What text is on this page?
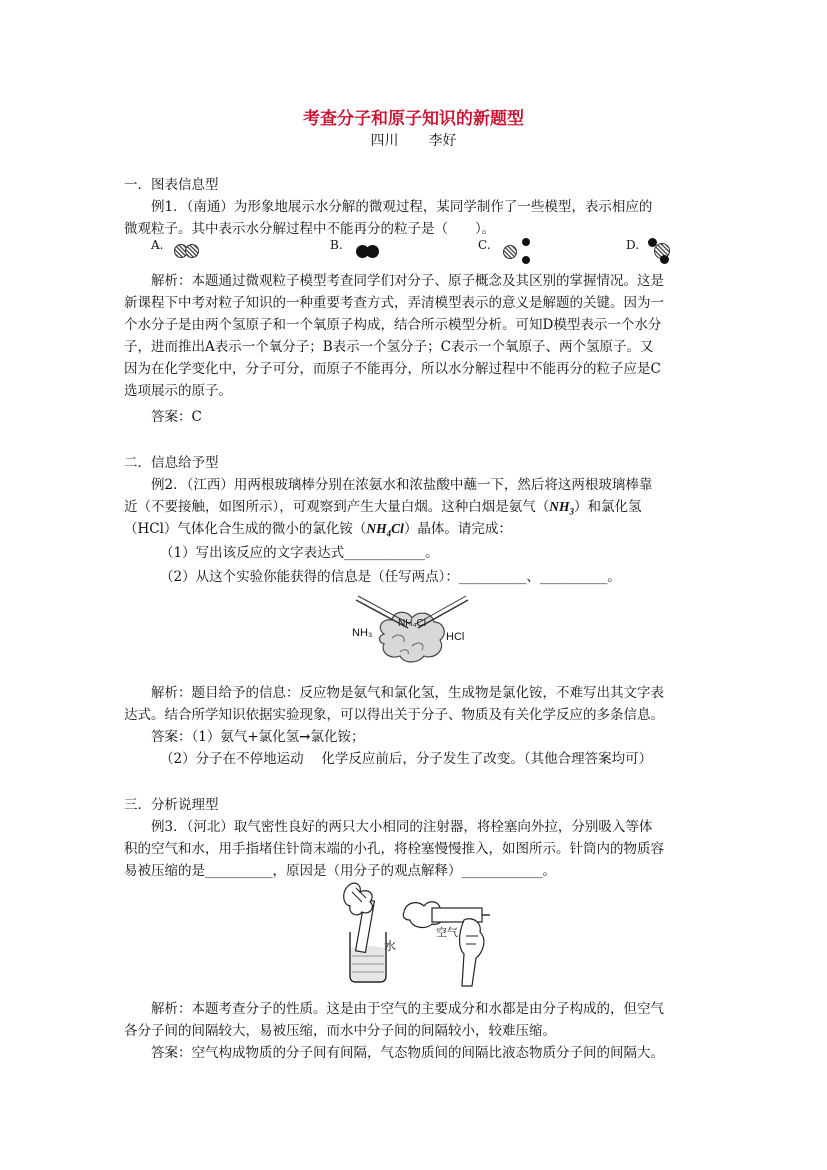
考查分子和原子知识的新题型
四川 李好
一．图表信息型
例1．（南通）为形象地展示水分解的微观过程，某同学制作了一些模型，表示相应的
微观粒子。其中表示水分解过程中不能再分的粒子是（　　）。
A.	B.	C.	D.
解析：本题通过微观粒子模型考查同学们对分子、原子概念及其区别的掌握情况。这是
新课程下中考对粒子知识的一种重要考查方式，弄清模型表示的意义是解题的关键。因为一
个水分子是由两个氢原子和一个氧原子构成，结合所示模型分析。可知D模型表示一个水分
子，进而推出A表示一个氧分子；B表示一个氢分子；C表示一个氧原子、两个氢原子。又
因为在化学变化中，分子可分，而原子不能再分，所以水分解过程中不能再分的粒子应是C
选项展示的原子。
答案：C
二．信息给予型
例2．（江西）用两根玻璃棒分别在浓氨水和浓盐酸中蘸一下，然后将这两根玻璃棒靠
近（不要接触，如图所示），可观察到产生大量白烟。这种白烟是氨气$(NH_3)$和氯化氢
（HCl）气体化合生成的微小的氯化铵$(NH_4Cl)$晶体。请完成：
（1）写出该反应的文字表达式____________。
（2）从这个实验你能获得的信息是（任写两点）：__________、__________。
NH₃
NH₄Cl
HCl
解析：题目给予的信息：反应物是氨气和氯化氢，生成物是氯化铵，不难写出其文字表
达式。结合所学知识依据实验现象，可以得出关于分子、物质及有关化学反应的多条信息。
答案：（1）氨气+氯化氢→氯化铵；
（2）分子在不停地运动　 化学反应前后，分子发生了改变。（其他合理答案均可）
三．分析说理型
例3．（河北）取气密性良好的两只大小相同的注射器，将栓塞向外拉，分别吸入等体
积的空气和水，用手指堵住针筒末端的小孔，将栓塞慢慢推入，如图所示。针筒内的物质容
易被压缩的是__________，原因是（用分子的观点解释）____________。
水
空气
解析：本题考查分子的性质。这是由于空气的主要成分和水都是由分子构成的，但空气
各分子间的间隔较大，易被压缩，而水中分子间的间隔较小，较难压缩。
答案：空气构成物质的分子间有间隔，气态物质间的间隔比液态物质分子间的间隔大。
